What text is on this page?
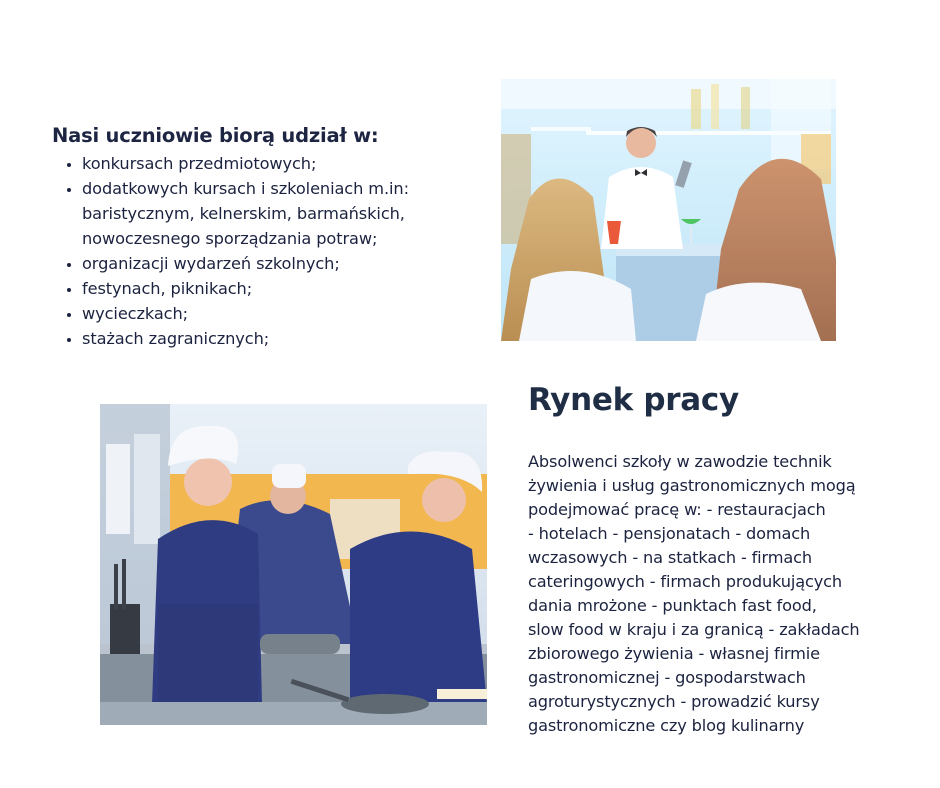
Nasi uczniowie biorą udział w:
• konkursach przedmiotowych;
• dodatkowych kursach i szkoleniach m.in:
baristycznym, kelnerskim, barmańskich,
nowoczesnego sporządzania potraw;
• organizacji wydarzeń szkolnych;
• festynach, piknikach;
• wycieczkach;
• stażach zagranicznych;
Rynek pracy

Absolwenci szkoły w zawodzie technik
żywienia i usług gastronomicznych mogą
podejmować pracę w: - restauracjach
- hotelach - pensjonatach - domach
wczasowych - na statkach - firmach
cateringowych - firmach produkujących
dania mrożone - punktach fast food,
slow food w kraju i za granicą - zakładach
zbiorowego żywienia - własnej firmie
gastronomicznej - gospodarstwach
agroturystycznych - prowadzić kursy
gastronomiczne czy blog kulinarny
